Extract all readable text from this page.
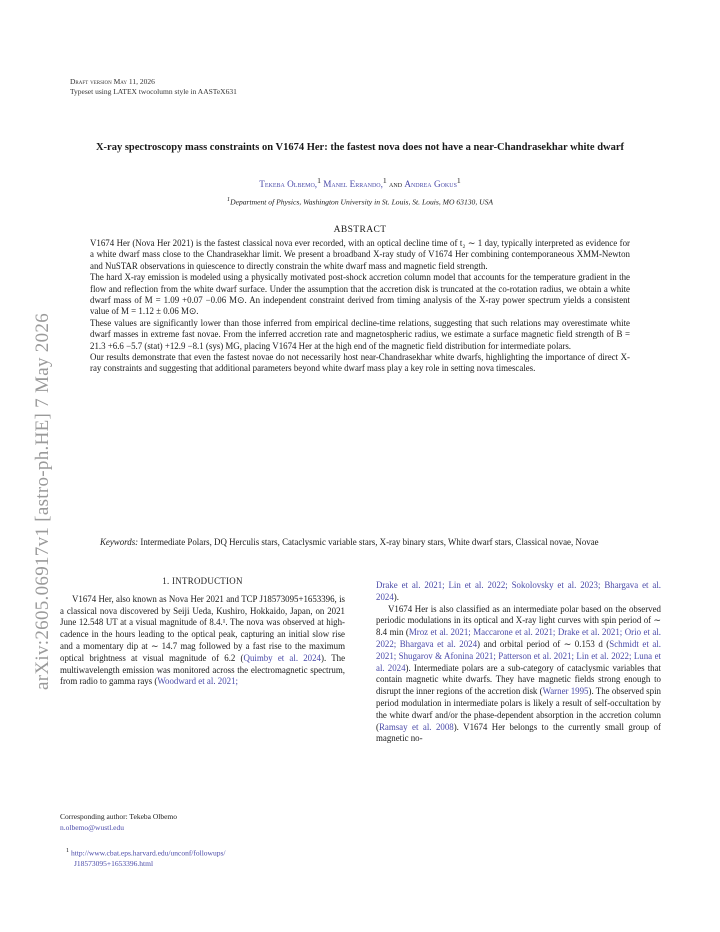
arXiv:2605.06917v1 [astro-ph.HE] 7 May 2026
Draft version May 11, 2026
Typeset using LATEX twocolumn style in AASTeX631
X-ray spectroscopy mass constraints on V1674 Her: the fastest nova does not have a near-Chandrasekhar white dwarf
Tekeba Olbemo,$^1$ Manel Errando,$^1$ and Andrea Gokus$^1$
$^1$Department of Physics, Washington University in St. Louis, St. Louis, MO 63130, USA
ABSTRACT

V1674 Her (Nova Her 2021) is the fastest classical nova ever recorded, with an optical decline time of t₂ ∼ 1 day, typically interpreted as evidence for a white dwarf mass close to the Chandrasekhar limit. We present a broadband X-ray study of V1674 Her combining contemporaneous XMM-Newton and NuSTAR observations in quiescence to directly constrain the white dwarf mass and magnetic field strength.

The hard X-ray emission is modeled using a physically motivated post-shock accretion column model that accounts for the temperature gradient in the flow and reflection from the white dwarf surface. Under the assumption that the accretion disk is truncated at the co-rotation radius, we obtain a white dwarf mass of M = 1.09 +0.07 −0.06 M⊙. An independent constraint derived from timing analysis of the X-ray power spectrum yields a consistent value of M = 1.12 ± 0.06 M⊙.

These values are significantly lower than those inferred from empirical decline-time relations, suggesting that such relations may overestimate white dwarf masses in extreme fast novae. From the inferred accretion rate and magnetospheric radius, we estimate a surface magnetic field strength of B = 21.3 +6.6 −5.7 (stat) +12.9 −8.1 (sys) MG, placing V1674 Her at the high end of the magnetic field distribution for intermediate polars.

Our results demonstrate that even the fastest novae do not necessarily host near-Chandrasekhar white dwarfs, highlighting the importance of direct X-ray constraints and suggesting that additional parameters beyond white dwarf mass play a key role in setting nova timescales.

Keywords: Intermediate Polars, DQ Herculis stars, Cataclysmic variable stars, X-ray binary stars, White dwarf stars, Classical novae, Novae
1. INTRODUCTION

V1674 Her, also known as Nova Her 2021 and TCP J18573095+1653396, is a classical nova discovered by Seiji Ueda, Kushiro, Hokkaido, Japan, on 2021 June 12.548 UT at a visual magnitude of 8.4.¹. The nova was observed at high-cadence in the hours leading to the optical peak, capturing an initial slow rise and a momentary dip at ∼ 14.7 mag followed by a fast rise to the maximum optical brightness at visual magnitude of 6.2 (Quimby et al. 2024). The multiwavelength emission was monitored across the electromagnetic spectrum, from radio to gamma rays (Woodward et al. 2021;

Drake et al. 2021; Lin et al. 2022; Sokolovsky et al. 2023; Bhargava et al. 2024).

V1674 Her is also classified as an intermediate polar based on the observed periodic modulations in its optical and X-ray light curves with spin period of ∼ 8.4 min (Mroz et al. 2021; Maccarone et al. 2021; Drake et al. 2021; Orio et al. 2022; Bhargava et al. 2024) and orbital period of ∼ 0.153 d (Schmidt et al. 2021; Shugarov & Afonina 2021; Patterson et al. 2021; Lin et al. 2022; Luna et al. 2024). Intermediate polars are a sub-category of cataclysmic variables that contain magnetic white dwarfs. They have magnetic fields strong enough to disrupt the inner regions of the accretion disk (Warner 1995). The observed spin period modulation in intermediate polars is likely a result of self-occultation by the white dwarf and/or the phase-dependent absorption in the accretion column (Ramsay et al. 2008). V1674 Her belongs to the currently small group of magnetic no-

Corresponding author: Tekeba Olbemo
n.olbemo@wustl.edu
$^1$ http://www.cbat.eps.harvard.edu/unconf/followups/
J18573095+1653396.html
